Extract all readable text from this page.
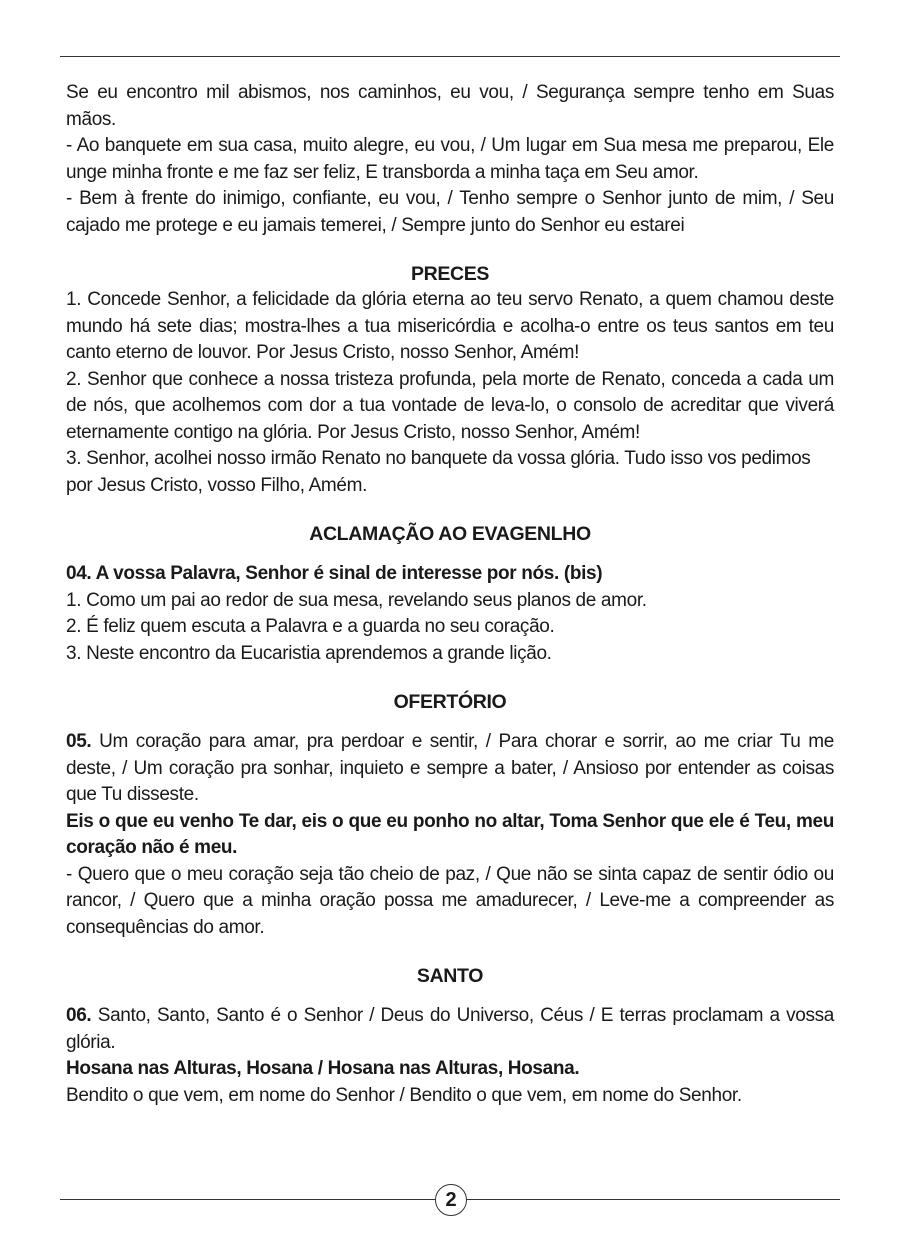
Se eu encontro mil abismos, nos caminhos, eu vou, / Segurança sempre tenho em Suas mãos.

- Ao banquete em sua casa, muito alegre, eu vou, / Um lugar em Sua mesa me preparou, Ele unge minha fronte e me faz ser feliz, E transborda a minha taça em Seu amor.

- Bem à frente do inimigo, confiante, eu vou, / Tenho sempre o Senhor junto de mim, / Seu cajado me protege e eu jamais temerei, / Sempre junto do Senhor eu estarei

PRECES

1. Concede Senhor, a felicidade da glória eterna ao teu servo Renato, a quem chamou deste mundo há sete dias; mostra-lhes a tua misericórdia e acolha-o entre os teus santos em teu canto eterno de louvor. Por Jesus Cristo, nosso Senhor, Amém!

2. Senhor que conhece a nossa tristeza profunda, pela morte de Renato, conceda a cada um de nós, que acolhemos com dor a tua vontade de leva-lo, o consolo de acreditar que viverá eternamente contigo na glória. Por Jesus Cristo, nosso Senhor, Amém!

3. Senhor, acolhei nosso irmão Renato no banquete da vossa glória. Tudo isso vos pedimos por Jesus Cristo, vosso Filho, Amém.

ACLAMAÇÃO AO EVAGENLHO

04. A vossa Palavra, Senhor é sinal de interesse por nós. (bis)

1. Como um pai ao redor de sua mesa, revelando seus planos de amor.

2. É feliz quem escuta a Palavra e a guarda no seu coração.

3. Neste encontro da Eucaristia aprendemos a grande lição.

OFERTÓRIO

05. Um coração para amar, pra perdoar e sentir, / Para chorar e sorrir, ao me criar Tu me deste, / Um coração pra sonhar, inquieto e sempre a bater, / Ansioso por entender as coisas que Tu disseste.

Eis o que eu venho Te dar, eis o que eu ponho no altar, Toma Senhor que ele é Teu, meu coração não é meu.

- Quero que o meu coração seja tão cheio de paz, / Que não se sinta capaz de sentir ódio ou rancor, / Quero que a minha oração possa me amadurecer, / Leve-me a compreender as consequências do amor.

SANTO

06. Santo, Santo, Santo é o Senhor / Deus do Universo, Céus / E terras proclamam a vossa glória.

Hosana nas Alturas, Hosana / Hosana nas Alturas, Hosana.

Bendito o que vem, em nome do Senhor / Bendito o que vem, em nome do Senhor.

2
